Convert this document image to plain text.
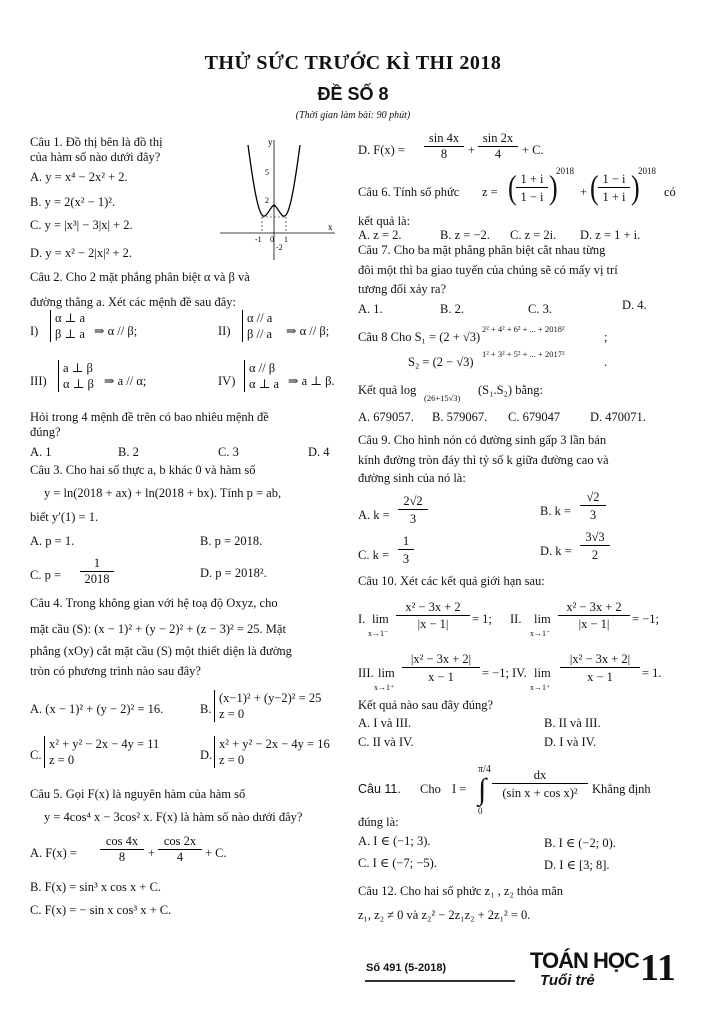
THỬ SỨC TRƯỚC KÌ THI 2018
ĐỀ SỐ 8
(Thời gian làm bài: 90 phút)
Câu 1. Đồ thị bên là đồ thị
của hàm số nào dưới đây?
A. y = x⁴ − 2x² + 2.
B. y = 2(x² − 1)².
C. y = |x³| − 3|x| + 2.
D. y = x² − 2|x|² + 2.
y
x
5
2
-1 0 1
-2
Câu 2. Cho 2 mặt phẳng phân biệt α và β và
đường thẳng a. Xét các mệnh đề sau đây:
I)
α ⊥ a
β ⊥ a ⇒ α // β;	II)
α // a
β // a ⇒ α // β;
III)
a ⊥ β
α ⊥ β ⇒ a // α;	IV)
α // β
α ⊥ a ⇒ a ⊥ β.
Hỏi trong 4 mệnh đề trên có bao nhiêu mệnh đề
đúng?
A. 1	B. 2	C. 3	D. 4
Câu 3. Cho hai số thực a, b khác 0 và hàm số
y = ln(2018 + ax) + ln(2018 + bx). Tính p = ab,
biết y′(1) = 1.
A. p = 1.	B. p = 2018.
C. p =
1
2018	D. p = 2018².
Câu 4. Trong không gian với hệ toạ độ Oxyz, cho
mặt cầu (S): (x − 1)² + (y − 2)² + (z − 3)² = 25. Mặt
phẳng (xOy) cắt mặt cầu (S) một thiết diện là đường
tròn có phương trình nào sau đây?
A. (x − 1)² + (y − 2)² = 16.	B.
(x−1)² + (y−2)² = 25
z = 0
C.
x² + y² − 2x − 4y = 11
z = 0	D.
x² + y² − 2x − 4y = 16
z = 0
Câu 5. Gọi F(x) là nguyên hàm của hàm số
y = 4cos⁴ x − 3cos² x. F(x) là hàm số nào dưới đây?
A. F(x) =
cos 4x
8	+
cos 2x
4	+ C.
B. F(x) = sin³ x cos x + C.
C. F(x) = − sin x cos³ x + C.
D. F(x) =
sin 4x
8	+
sin 2x
4	+ C.
Câu 6. Tính số phức z = ( 1 + i
1 − i )
2018
+ ( 1 − i
1 + i )
2018
có
kết quả là:
A. z = 2.	B. z = −2. C. z = 2i. D. z = 1 + i.
Câu 7. Cho ba mặt phẳng phân biệt cắt nhau từng
đôi một thì ba giao tuyến của chúng sẽ có mấy vị trí
tương đối xảy ra?
A. 1.	B. 2.	C. 3.	D. 4.
Câu 8 Cho S₁ = (2 + √3)
2² + 4² + 6² + ... + 2018²
;
S₂ = (2 − √3)
1² + 3² + 5² + ... + 2017²
.
Kết quả log
(26+15√3)
(S₁.S₂) bằng:
A. 679057. B. 579067. C. 679047 D. 470071.
Câu 9. Cho hình nón có đường sinh gấp 3 lần bán
kính đường tròn đáy thì tỷ số k giữa đường cao và
đường sinh của nó là:
A. k =
2√2
3
B. k =
√2
3
C. k =
1
3
D. k =
3√3
2
Câu 10. Xét các kết quả giới hạn sau:
I. lim
x→1⁻
x² − 3x + 2
|x − 1|	= 1; II. lim
x→1⁻
x² − 3x + 2
|x − 1|	= −1;
III. lim
x→1⁺
|x² − 3x + 2|
x − 1	= −1; IV. lim
x→1⁺
|x² − 3x + 2|
x − 1	= 1.
Kết quả nào sau đây đúng?
A. I và III.	B. II và III.
C. II và IV.	D. I và IV.
Câu 11. Cho I =
π/4
∫
0
dx
(sin x + cos x)²	Khẳng định
đúng là:
A. I ∈ (−1; 3).	B. I ∈ (−2; 0).
C. I ∈ (−7; −5).	D. I ∈ [3; 8].
Câu 12. Cho hai số phức z₁ , z₂ thỏa mãn
z₁, z₂ ≠ 0 và z₂² − 2z₁z₂ + 2z₁² = 0.
Số 491 (5-2018)	TOÁN HỌC
Tuổi trẻ 11
